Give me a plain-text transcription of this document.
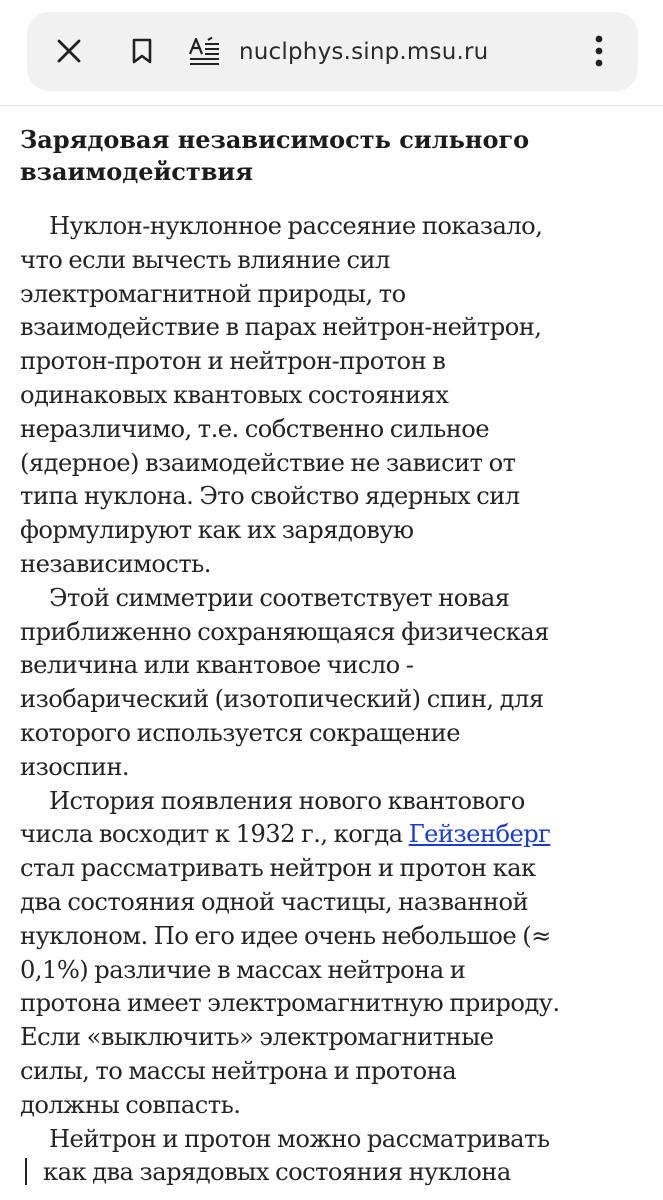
nuclphys.sinp.msu.ru
Зарядовая независимость сильного
взаимодействия
Нуклон-нуклонное рассеяние показало,
что если вычесть влияние сил
электромагнитной природы, то
взаимодействие в парах нейтрон-нейтрон,
протон-протон и нейтрон-протон в
одинаковых квантовых состояниях
неразличимо, т.е. собственно сильное
(ядерное) взаимодействие не зависит от
типа нуклона. Это свойство ядерных сил
формулируют как их зарядовую
независимость.
Этой симметрии соответствует новая
приближенно сохраняющаяся физическая
величина или квантовое число -
изобарический (изотопический) спин, для
которого используется сокращение
изоспин.
История появления нового квантового
числа восходит к 1932 г., когда Гейзенберг
стал рассматривать нейтрон и протон как
два состояния одной частицы, названной
нуклоном. По его идее очень небольшое (≈
0,1%) различие в массах нейтрона и
протона имеет электромагнитную природу.
Если «выключить» электромагнитные
силы, то массы нейтрона и протона
должны совпасть.
Нейтрон и протон можно рассматривать
как два зарядовых состояния нуклона
